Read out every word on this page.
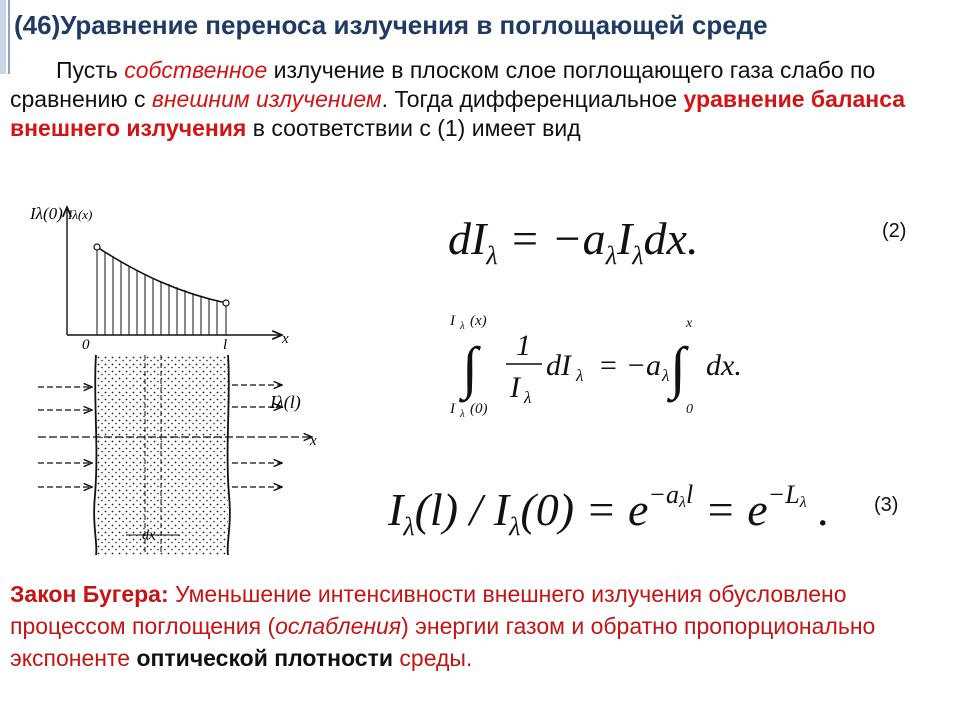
(46)Уравнение переноса излучения в поглощающей среде
Пусть собственное излучение в плоском слое поглощающего газа слабо по сравнению с внешним излучением. Тогда дифференциальное уравнение баланса внешнего излучения в соответствии с (1) имеет вид
Iλ(0) Iλ(x)
0	l	x
x
Iλ(l)
dx
$dI_\lambda = -a_\lambda I_\lambda dx$.	(2)
I λ (x)
∫
I λ (0)
1
I λ
dI λ = − a λ ∫
x
0
dx.
$I_\lambda(l) / I_\lambda(0) = e^{-a_\lambda l} = e^{-L_\lambda}$ . (3)
Закон Бугера: Уменьшение интенсивности внешнего излучения обусловлено процессом поглощения (ослабления) энергии газом и обратно пропорционально экспоненте оптической плотности среды.
